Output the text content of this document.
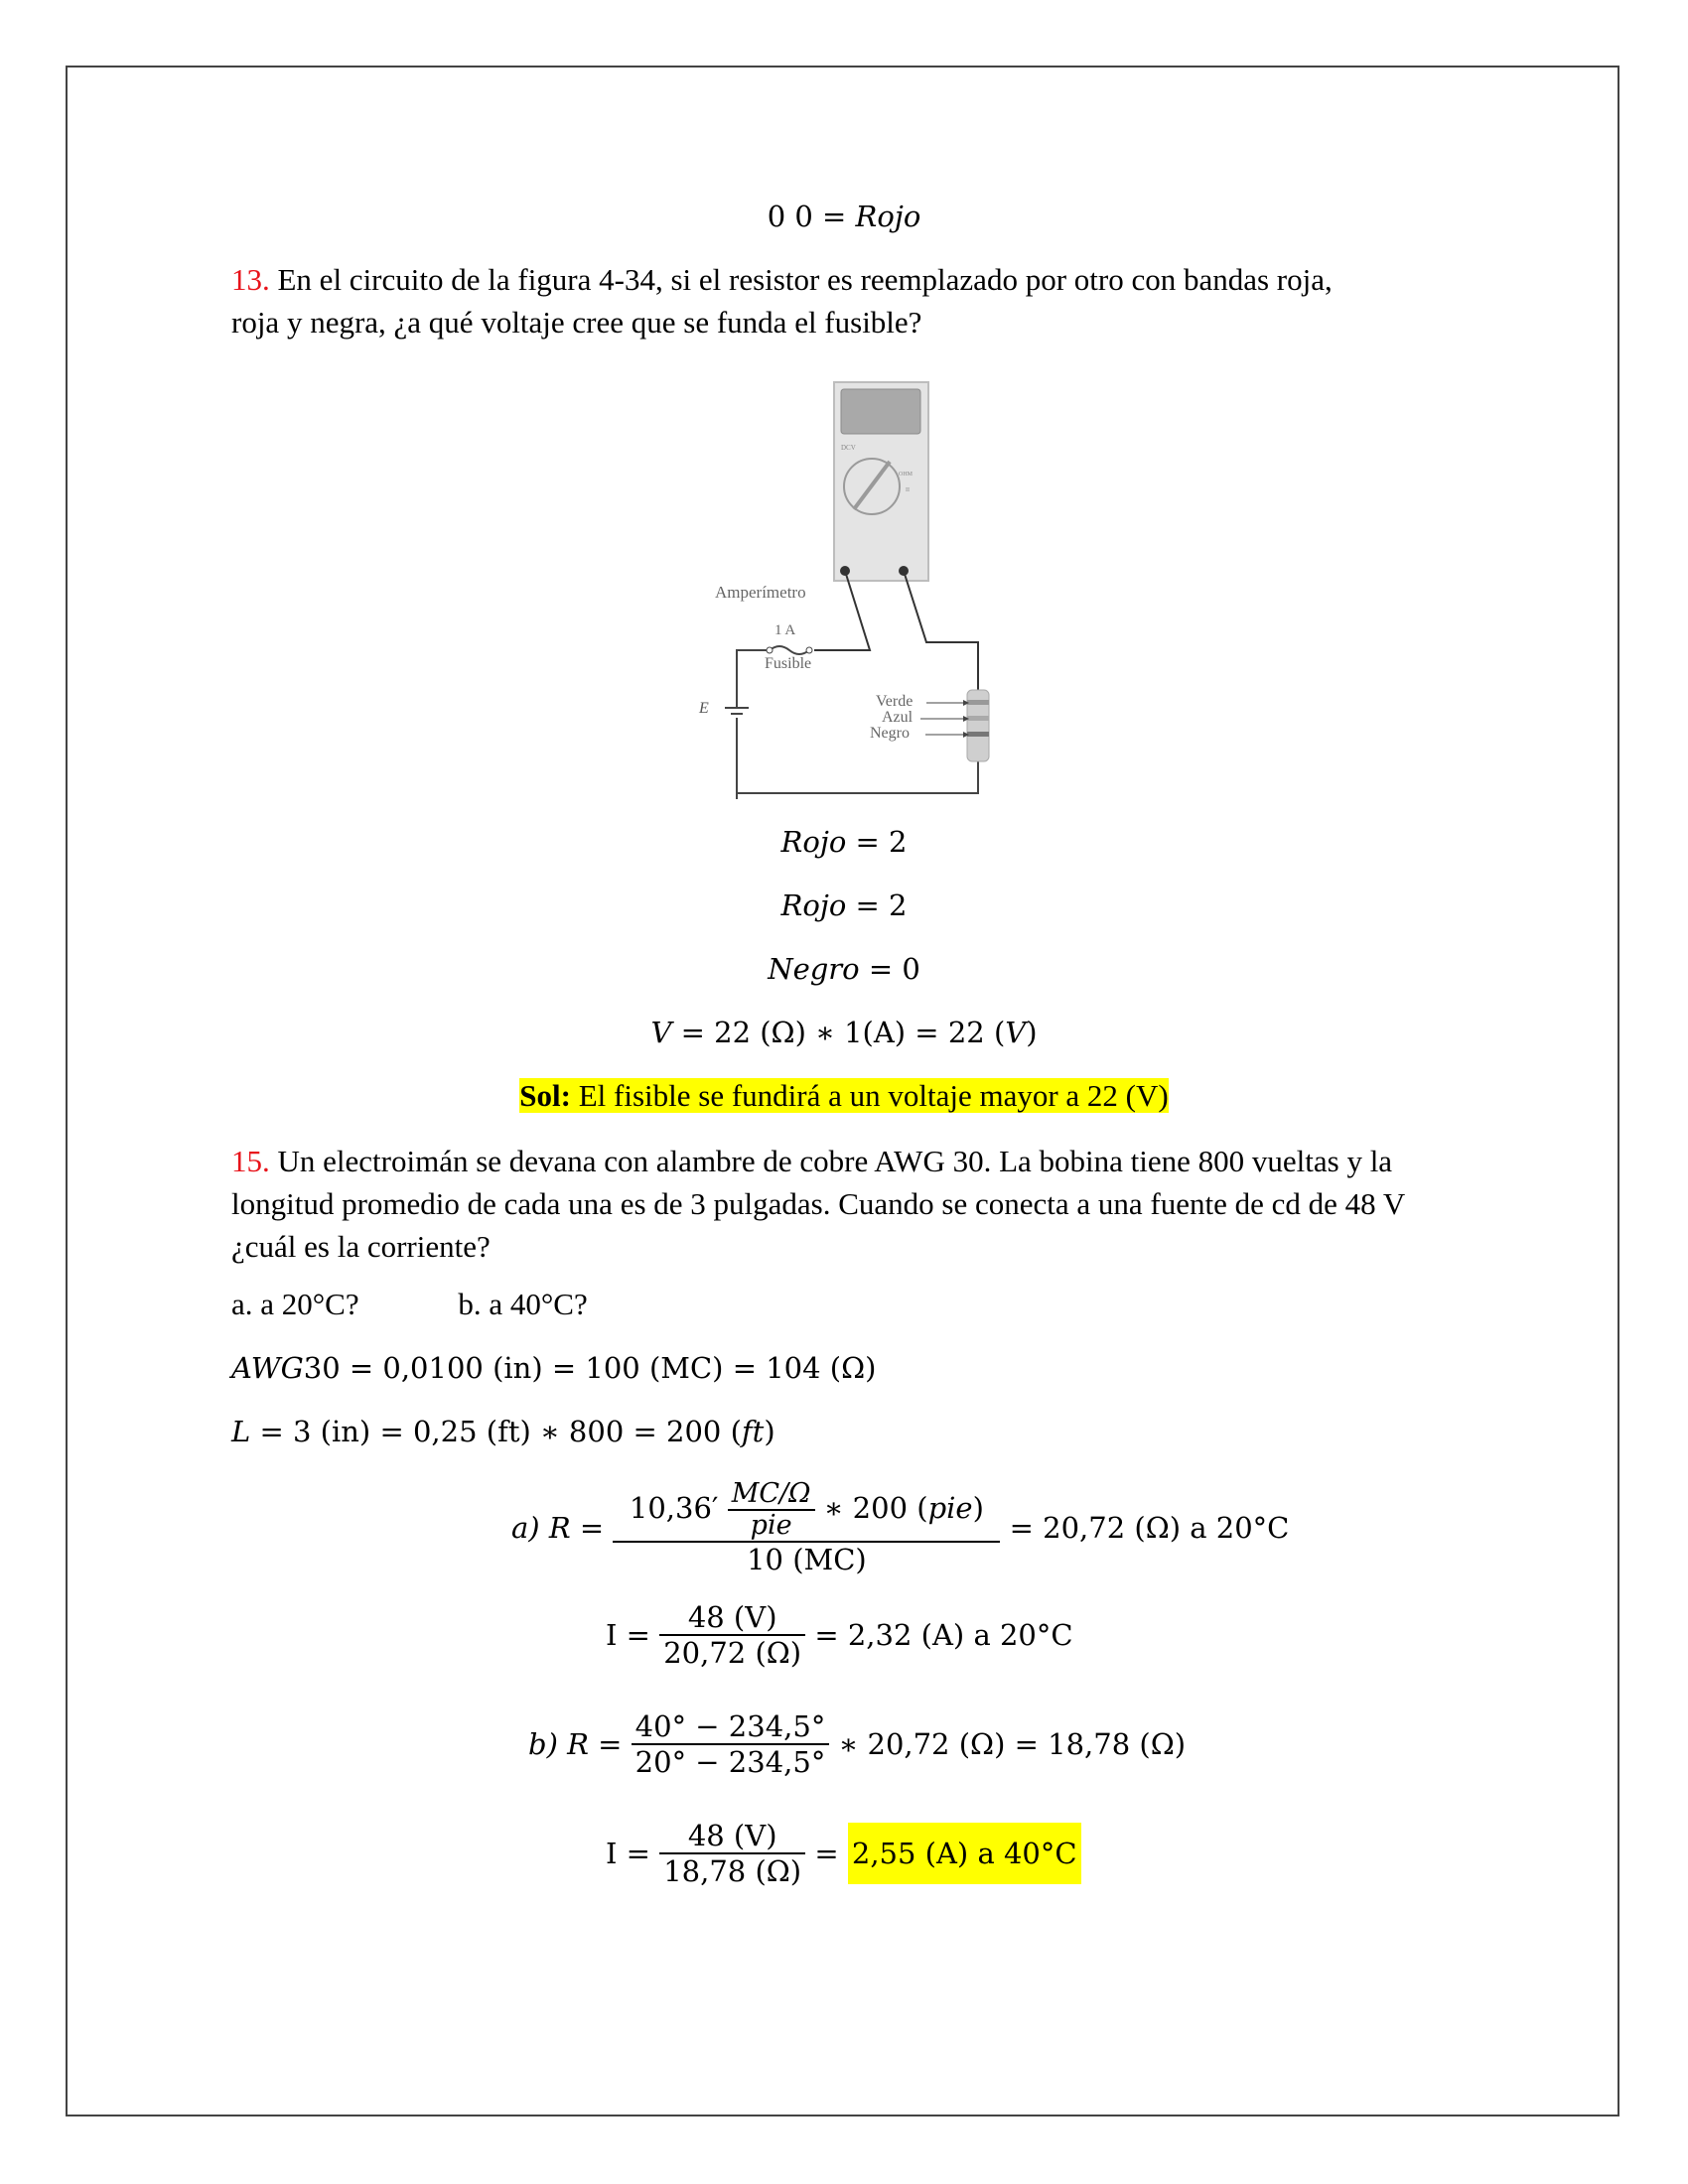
0 0 = Rojo
13. En el circuito de la figura 4-34, si el resistor es reemplazado por otro con bandas roja,
roja y negra, ¿a qué voltaje cree que se funda el fusible?
DCV
OHM
II
Amperímetro
1 A
Fusible
E	Verde
Azul
Negro
Rojo = 2
Rojo = 2
Negro = 0
V = 22 (Ω) ∗ 1(A) = 22 (V)
Sol: El fisible se fundirá a un voltaje mayor a 22 (V)
15. Un electroimán se devana con alambre de cobre AWG 30. La bobina tiene 800 vueltas y la longitud promedio de cada una es de 3 pulgadas. Cuando se conecta a una fuente de cd de 48 V ¿cuál es la corriente?
a. a 20°C?	b. a 40°C?
AWG30 = 0,0100 (in) = 100 (MC) = 104 (Ω)
L = 3 (in) = 0,25 (ft) ∗ 800 = 200 (ft)
a) R =
$10,36' \frac{MC/\Omega}{\text{pie}}$ ∗ 200 (pie)
10 (MC)
= 20,72 (Ω) a 20°C
$I = \frac{48 (V)}{20,72 (\Omega)} = 2,32$ (A) a 20°C
b) $R = \frac{40^\circ - 234,5^\circ}{20^\circ - 234,5^\circ}$ ∗ 20,72 (Ω) = 18,78 (Ω)
$I = \frac{48 (V)}{18,78 (\Omega)} = 2,55$ (A) a 40°C
